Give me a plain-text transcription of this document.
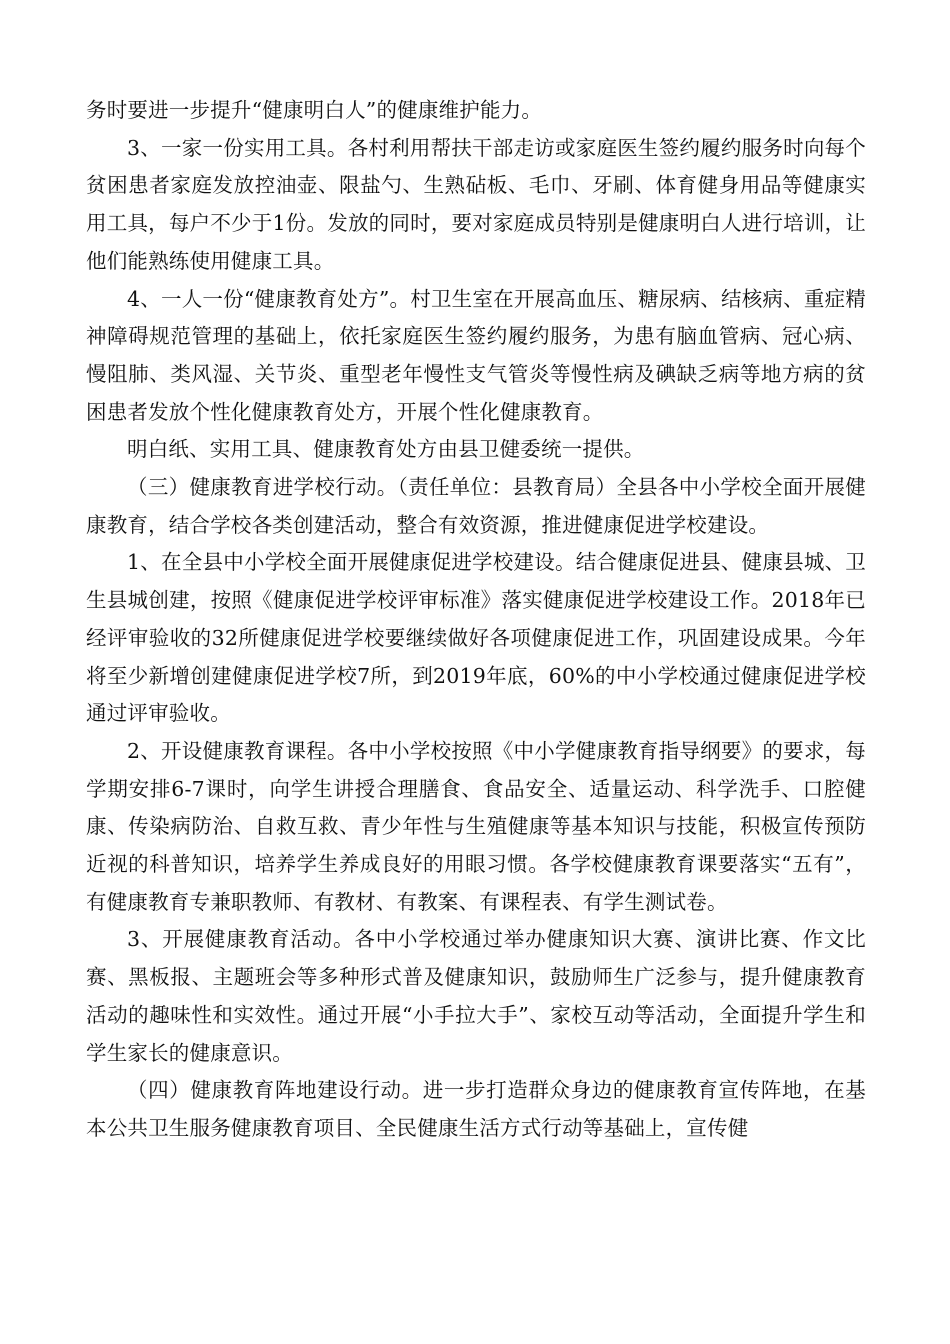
务时要进一步提升“健康明白人”的健康维护能力。

3、一家一份实用工具。各村利用帮扶干部走访或家庭医生签约履约服务时向每个贫困患者家庭发放控油壶、限盐勺、生熟砧板、毛巾、牙刷、体育健身用品等健康实用工具，每户不少于1份。发放的同时，要对家庭成员特别是健康明白人进行培训，让他们能熟练使用健康工具。

4、一人一份“健康教育处方”。村卫生室在开展高血压、糖尿病、结核病、重症精神障碍规范管理的基础上，依托家庭医生签约履约服务，为患有脑血管病、冠心病、慢阻肺、类风湿、关节炎、重型老年慢性支气管炎等慢性病及碘缺乏病等地方病的贫困患者发放个性化健康教育处方，开展个性化健康教育。

明白纸、实用工具、健康教育处方由县卫健委统一提供。

（三）健康教育进学校行动。（责任单位：县教育局）全县各中小学校全面开展健康教育，结合学校各类创建活动，整合有效资源，推进健康促进学校建设。

1、在全县中小学校全面开展健康促进学校建设。结合健康促进县、健康县城、卫生县城创建，按照《健康促进学校评审标准》落实健康促进学校建设工作。2018年已经评审验收的32所健康促进学校要继续做好各项健康促进工作，巩固建设成果。今年将至少新增创建健康促进学校7所，到2019年底，60%的中小学校通过健康促进学校通过评审验收。

2、开设健康教育课程。各中小学校按照《中小学健康教育指导纲要》的要求，每学期安排6-7课时，向学生讲授合理膳食、食品安全、适量运动、科学洗手、口腔健康、传染病防治、自救互救、青少年性与生殖健康等基本知识与技能，积极宣传预防近视的科普知识，培养学生养成良好的用眼习惯。各学校健康教育课要落实“五有”，有健康教育专兼职教师、有教材、有教案、有课程表、有学生测试卷。

3、开展健康教育活动。各中小学校通过举办健康知识大赛、演讲比赛、作文比赛、黑板报、主题班会等多种形式普及健康知识，鼓励师生广泛参与，提升健康教育活动的趣味性和实效性。通过开展“小手拉大手”、家校互动等活动，全面提升学生和学生家长的健康意识。

（四）健康教育阵地建设行动。进一步打造群众身边的健康教育宣传阵地，在基本公共卫生服务健康教育项目、全民健康生活方式行动等基础上，宣传健
